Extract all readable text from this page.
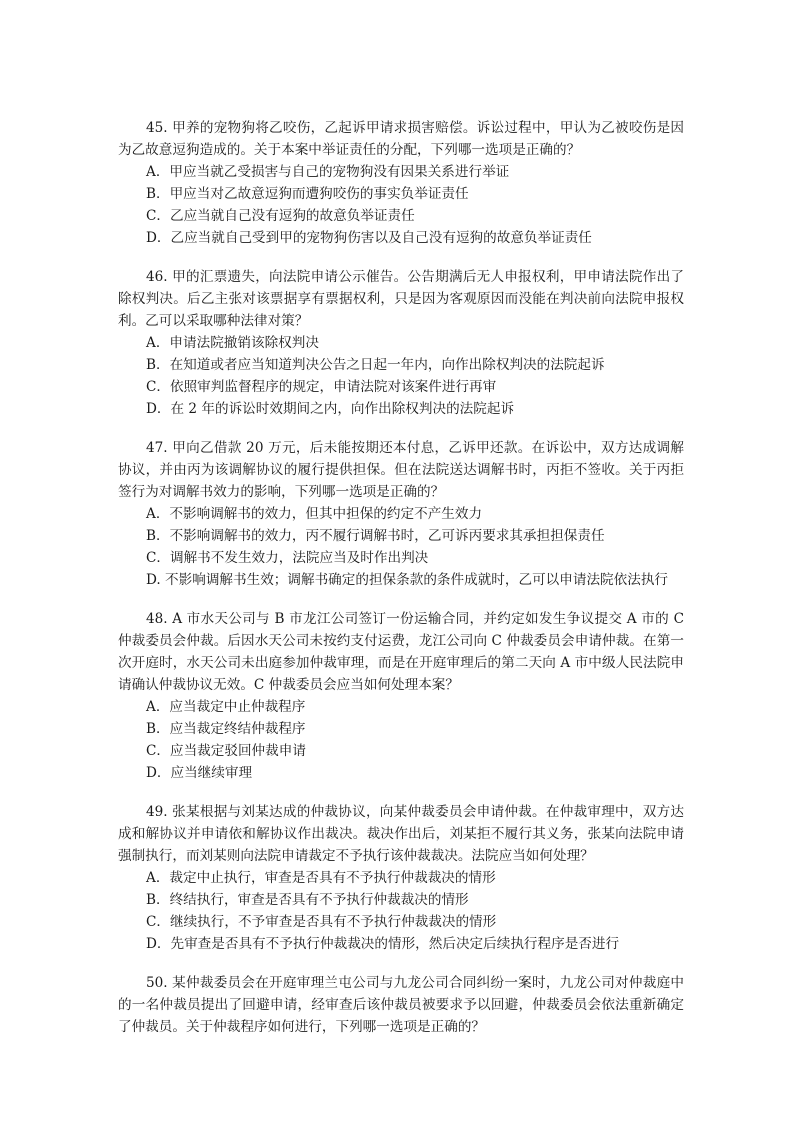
45. 甲养的宠物狗将乙咬伤，乙起诉甲请求损害赔偿。诉讼过程中，甲认为乙被咬伤是因为乙故意逗狗造成的。关于本案中举证责任的分配，下列哪一选项是正确的？

A．甲应当就乙受损害与自己的宠物狗没有因果关系进行举证
B．甲应当对乙故意逗狗而遭狗咬伤的事实负举证责任
C．乙应当就自己没有逗狗的故意负举证责任
D．乙应当就自己受到甲的宠物狗伤害以及自己没有逗狗的故意负举证责任

46. 甲的汇票遗失，向法院申请公示催告。公告期满后无人申报权利，甲申请法院作出了除权判决。后乙主张对该票据享有票据权利，只是因为客观原因而没能在判决前向法院申报权利。乙可以采取哪种法律对策？

A．申请法院撤销该除权判决
B．在知道或者应当知道判决公告之日起一年内，向作出除权判决的法院起诉
C．依照审判监督程序的规定，申请法院对该案件进行再审
D．在 2 年的诉讼时效期间之内，向作出除权判决的法院起诉

47. 甲向乙借款 20 万元，后未能按期还本付息，乙诉甲还款。在诉讼中，双方达成调解协议，并由丙为该调解协议的履行提供担保。但在法院送达调解书时，丙拒不签收。关于丙拒签行为对调解书效力的影响，下列哪一选项是正确的？

A．不影响调解书的效力，但其中担保的约定不产生效力
B．不影响调解书的效力，丙不履行调解书时，乙可诉丙要求其承担担保责任
C．调解书不发生效力，法院应当及时作出判决
D. 不影响调解书生效；调解书确定的担保条款的条件成就时，乙可以申请法院依法执行

48. A 市水天公司与 B 市龙江公司签订一份运输合同，并约定如发生争议提交 A 市的 C 仲裁委员会仲裁。后因水天公司未按约支付运费，龙江公司向 C 仲裁委员会申请仲裁。在第一次开庭时，水天公司未出庭参加仲裁审理，而是在开庭审理后的第二天向 A 市中级人民法院申请确认仲裁协议无效。C 仲裁委员会应当如何处理本案？

A．应当裁定中止仲裁程序
B．应当裁定终结仲裁程序
C．应当裁定驳回仲裁申请
D．应当继续审理

49. 张某根据与刘某达成的仲裁协议，向某仲裁委员会申请仲裁。在仲裁审理中，双方达成和解协议并申请依和解协议作出裁决。裁决作出后，刘某拒不履行其义务，张某向法院申请强制执行，而刘某则向法院申请裁定不予执行该仲裁裁决。法院应当如何处理？

A．裁定中止执行，审查是否具有不予执行仲裁裁决的情形
B．终结执行，审查是否具有不予执行仲裁裁决的情形
C．继续执行，不予审查是否具有不予执行仲裁裁决的情形
D．先审查是否具有不予执行仲裁裁决的情形，然后决定后续执行程序是否进行

50. 某仲裁委员会在开庭审理兰屯公司与九龙公司合同纠纷一案时，九龙公司对仲裁庭中的一名仲裁员提出了回避申请，经审查后该仲裁员被要求予以回避，仲裁委员会依法重新确定了仲裁员。关于仲裁程序如何进行，下列哪一选项是正确的？
